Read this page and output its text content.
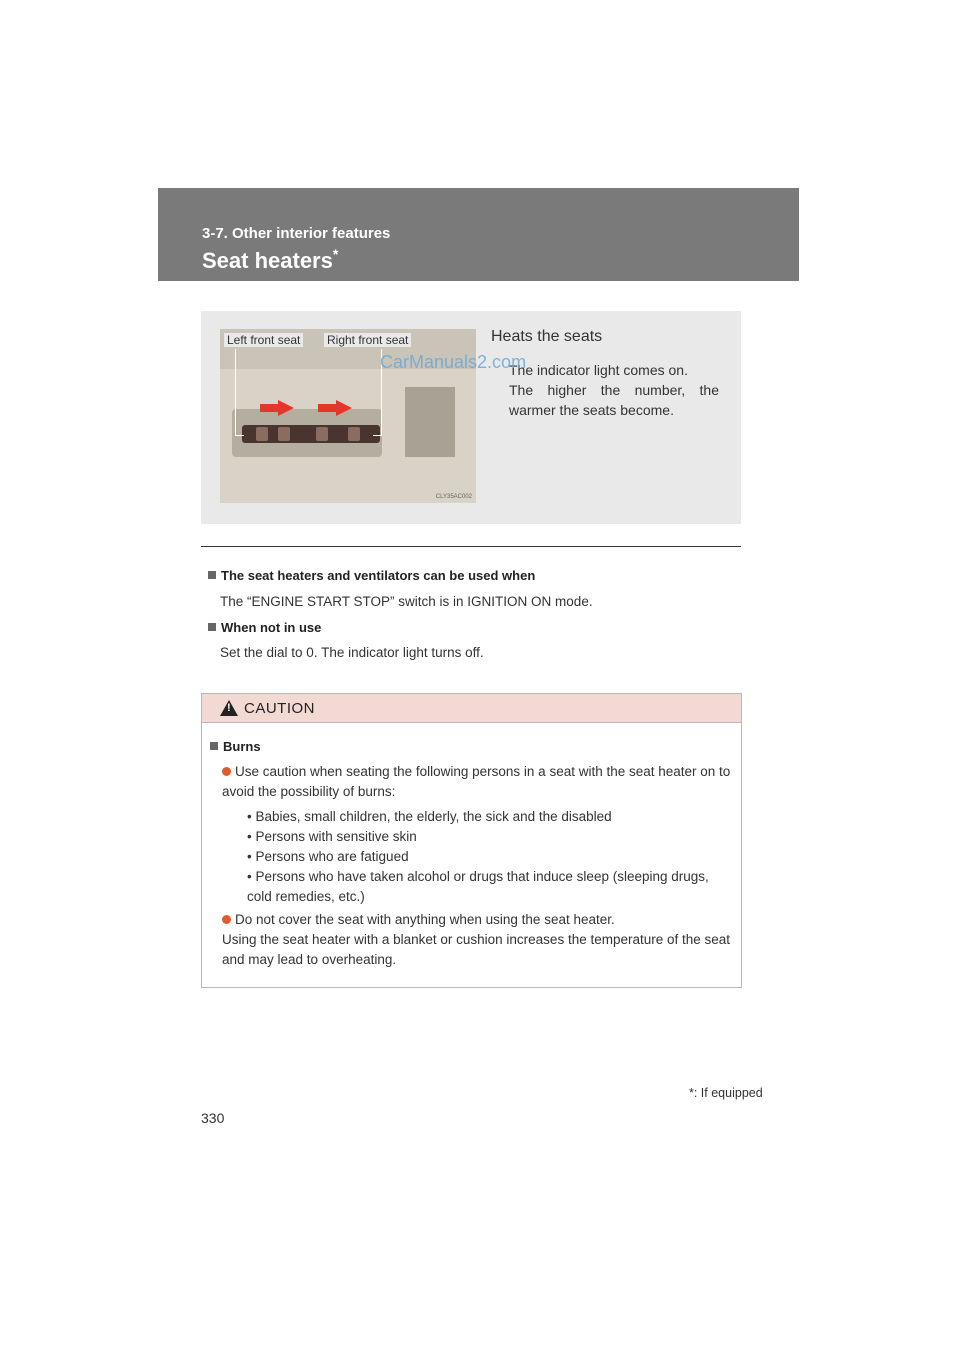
3-7. Other interior features
Seat heaters*
CLY35AC002
Left front seat Right front seat	Heats the seats
The indicator light comes on.
The higher the number, the warmer the seats become.
CarManuals2.com
The seat heaters and ventilators can be used when
The “ENGINE START STOP” switch is in IGNITION ON mode.
When not in use
Set the dial to 0. The indicator light turns off.
!
CAUTION
Burns
Use caution when seating the following persons in a seat with the seat heater on to avoid the possibility of burns:
• Babies, small children, the elderly, the sick and the disabled
• Persons with sensitive skin
• Persons who are fatigued
• Persons who have taken alcohol or drugs that induce sleep (sleeping drugs, cold remedies, etc.)
Do not cover the seat with anything when using the seat heater.
Using the seat heater with a blanket or cushion increases the temperature of the seat and may lead to overheating.
*: If equipped
330
